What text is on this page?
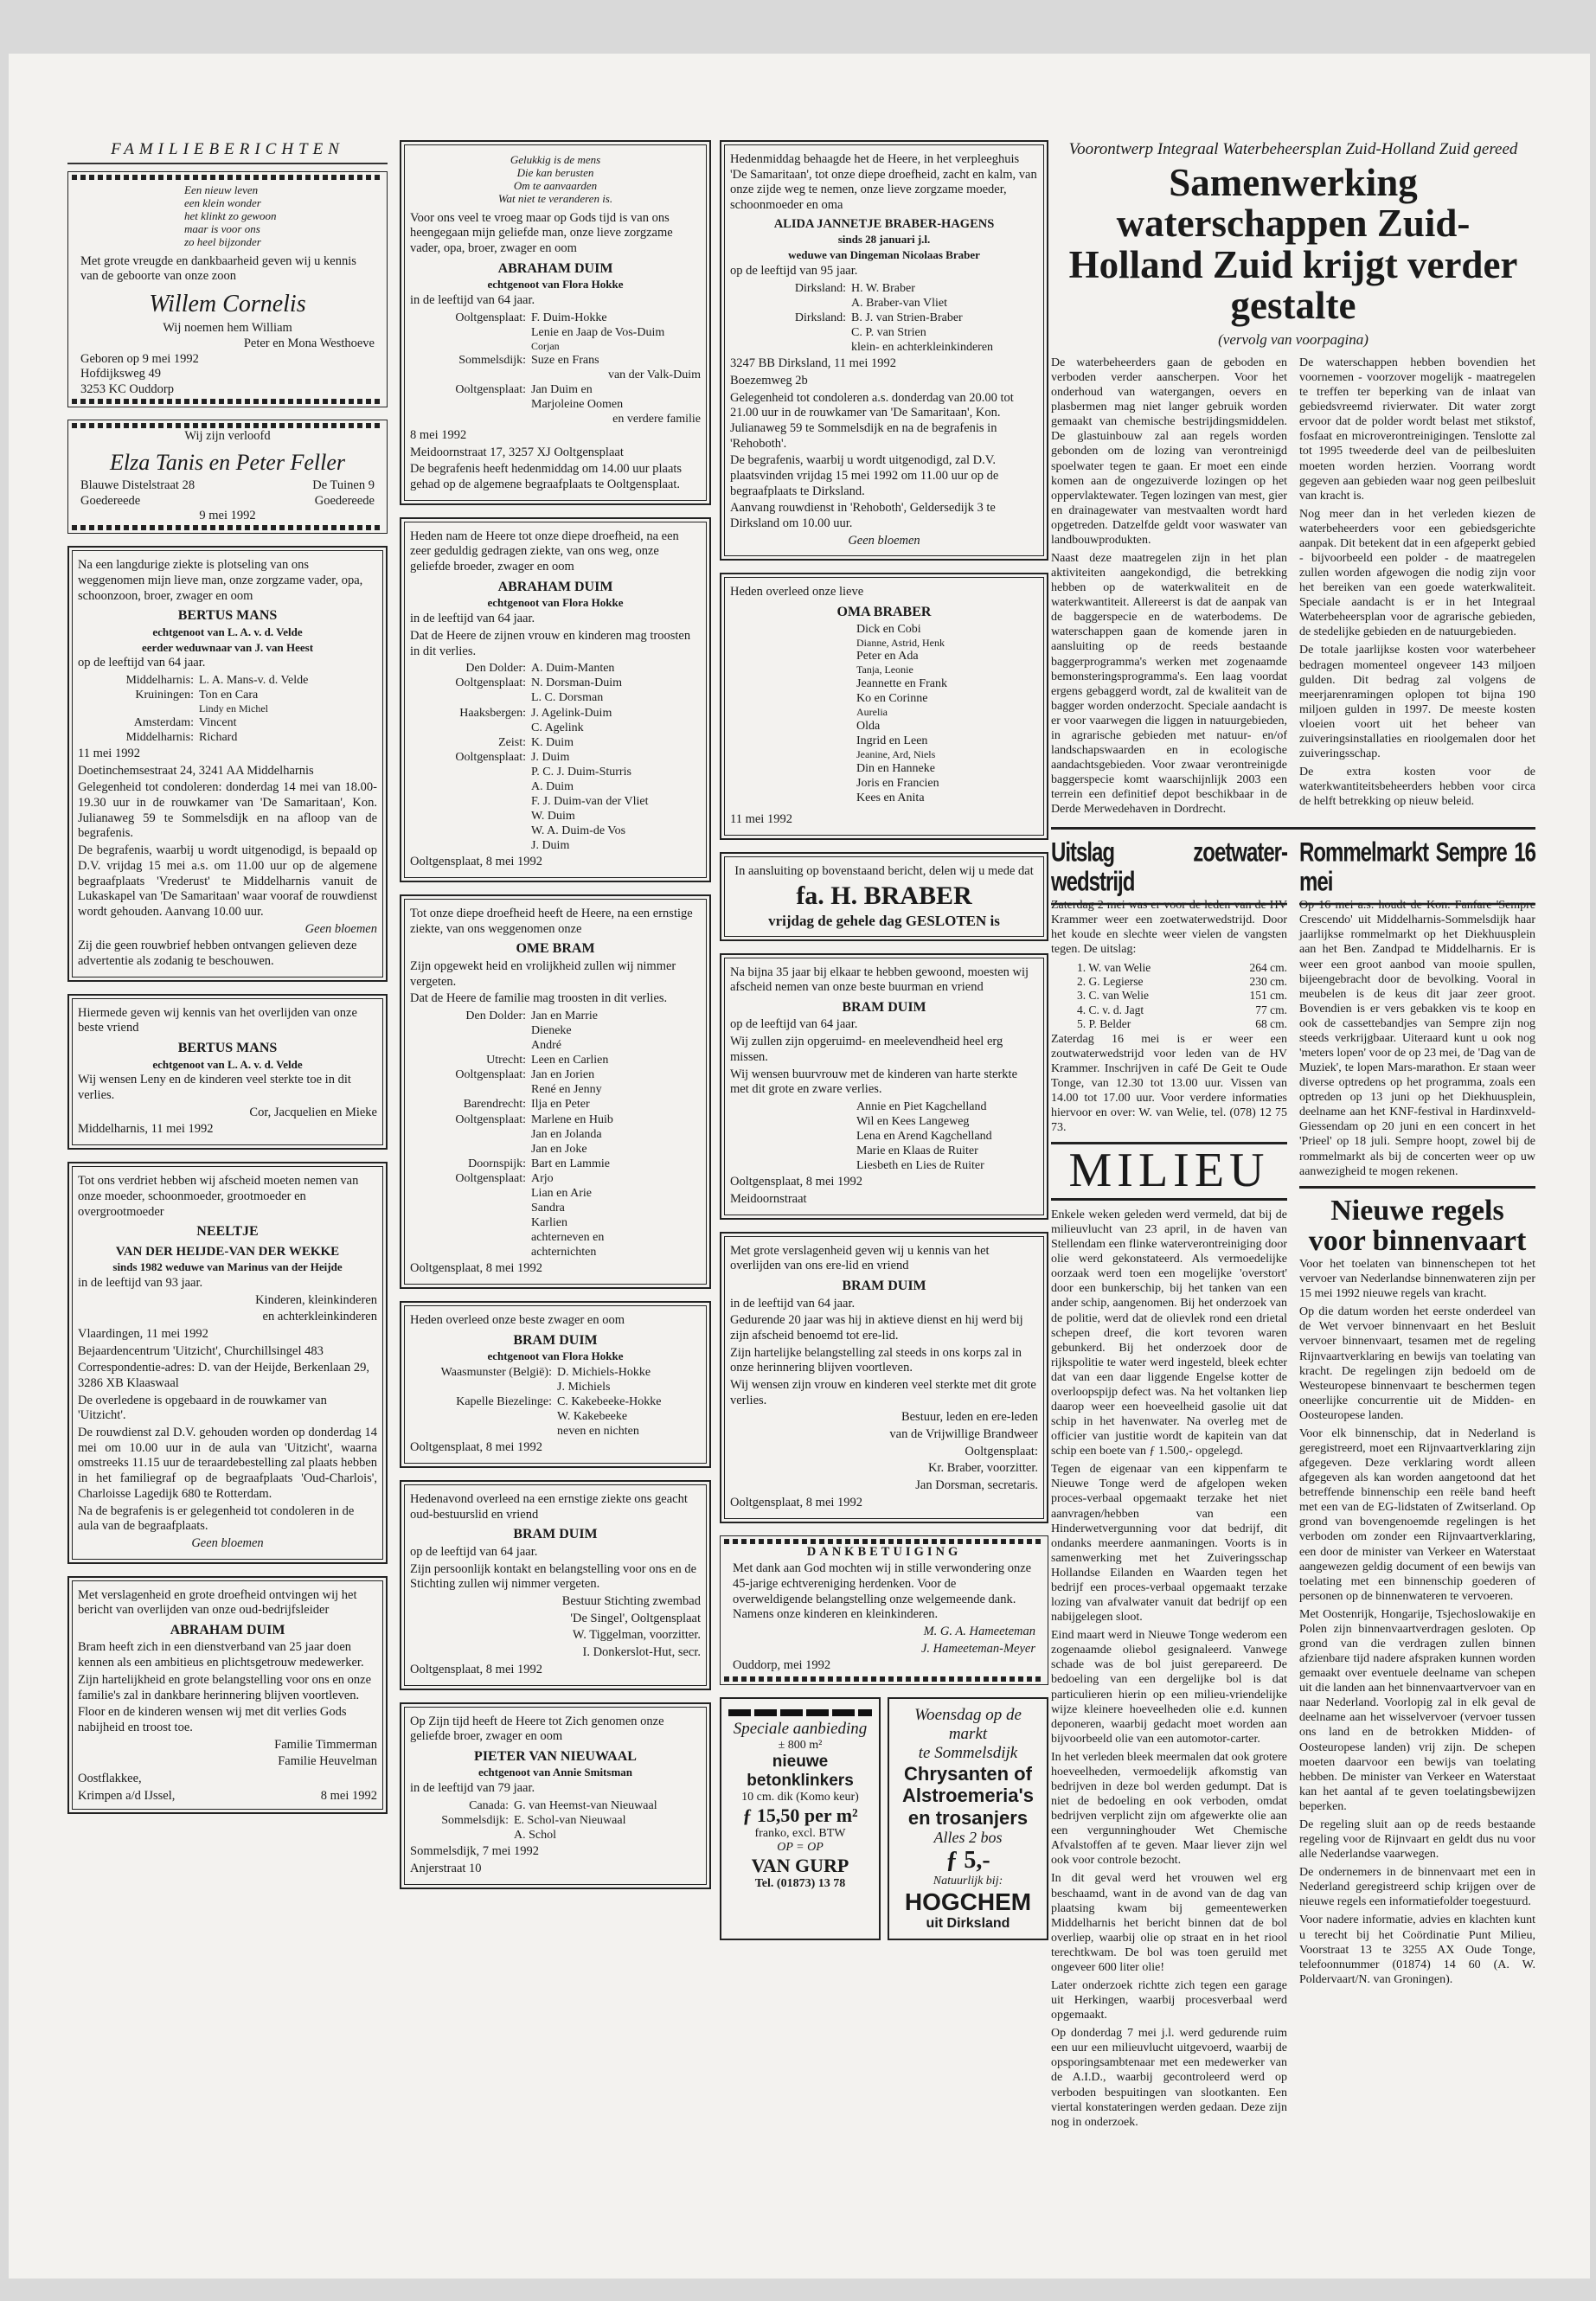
FAMILIEBERICHTEN
Een nieuw leven
een klein wonder
het klinkt zo gewoon
maar is voor ons
zo heel bijzonder
Met grote vreugde en dankbaarheid geven wij u kennis van de geboorte van onze zoon
Willem Cornelis
Wij noemen hem William
Peter en Mona Westhoeve
Geboren op 9 mei 1992
Hofdijksweg 49
3253 KC Ouddorp
Wij zijn verloofd
Elza Tanis en Peter Feller
Blauwe Distelstraat 28	De Tuinen 9
Goedereede	Goedereede
9 mei 1992
Na een langdurige ziekte is plotseling van ons weggenomen mijn lieve man, onze zorgzame vader, opa, schoonzoon, broer, zwager en oom
BERTUS MANS
echtgenoot van L. A. v. d. Velde
eerder weduwnaar van J. van Heest
op de leeftijd van 64 jaar.
Middelharnis: L. A. Mans-v. d. Velde
Kruiningen: Ton en Cara
Lindy en Michel
Amsterdam: Vincent
Middelharnis: Richard
11 mei 1992
Doetinchemsestraat 24, 3241 AA Middelharnis
Gelegenheid tot condoleren: donderdag 14 mei van 18.00-19.30 uur in de rouwkamer van 'De Samaritaan', Kon. Julianaweg 59 te Sommelsdijk en na afloop van de begrafenis.
De begrafenis, waarbij u wordt uitgenodigd, is bepaald op D.V. vrijdag 15 mei a.s. om 11.00 uur op de algemene begraafplaats 'Vrederust' te Middelharnis vanuit de Lukaskapel van 'De Samaritaan' waar vooraf de rouwdienst wordt gehouden. Aanvang 10.00 uur.
Geen bloemen
Zij die geen rouwbrief hebben ontvangen gelieven deze advertentie als zodanig te beschouwen.
Hiermede geven wij kennis van het overlijden van onze beste vriend
BERTUS MANS
echtgenoot van L. A. v. d. Velde
Wij wensen Leny en de kinderen veel sterkte toe in dit verlies.
Cor, Jacquelien en Mieke
Middelharnis, 11 mei 1992
Tot ons verdriet hebben wij afscheid moeten nemen van onze moeder, schoonmoeder, grootmoeder en overgrootmoeder
NEELTJE
VAN DER HEIJDE-VAN DER WEKKE
sinds 1982 weduwe van Marinus van der Heijde
in de leeftijd van 93 jaar.
Kinderen, kleinkinderen
en achterkleinkinderen
Vlaardingen, 11 mei 1992
Bejaardencentrum 'Uitzicht', Churchillsingel 483
Correspondentie-adres: D. van der Heijde, Berkenlaan 29, 3286 XB Klaaswaal
De overledene is opgebaard in de rouwkamer van 'Uitzicht'.
De rouwdienst zal D.V. gehouden worden op donderdag 14 mei om 10.00 uur in de aula van 'Uitzicht', waarna omstreeks 11.15 uur de teraardebestelling zal plaats hebben in het familiegraf op de begraafplaats 'Oud-Charlois', Charloisse Lagedijk 680 te Rotterdam.
Na de begrafenis is er gelegenheid tot condoleren in de aula van de begraafplaats.
Geen bloemen
Met verslagenheid en grote droefheid ontvingen wij het bericht van overlijden van onze oud-bedrijfsleider
ABRAHAM DUIM
Bram heeft zich in een dienstverband van 25 jaar doen kennen als een ambitieus en plichtsgetrouw medewerker.
Zijn hartelijkheid en grote belangstelling voor ons en onze familie's zal in dankbare herinnering blijven voortleven.
Floor en de kinderen wensen wij met dit verlies Gods nabijheid en troost toe.
Familie Timmerman
Familie Heuvelman
Oostflakkee,
Krimpen a/d IJssel,	8 mei 1992
Gelukkig is de mens
Die kan berusten
Om te aanvaarden
Wat niet te veranderen is.
Voor ons veel te vroeg maar op Gods tijd is van ons heengegaan mijn geliefde man, onze lieve zorgzame vader, opa, broer, zwager en oom
ABRAHAM DUIM
echtgenoot van Flora Hokke
in de leeftijd van 64 jaar.
Ooltgensplaat: F. Duim-Hokke
Lenie en Jaap de Vos-Duim
Corjan
Sommelsdijk: Suze en Frans
van der Valk-Duim
Ooltgensplaat: Jan Duim en
Marjoleine Oomen
en verdere familie
8 mei 1992
Meidoornstraat 17, 3257 XJ Ooltgensplaat
De begrafenis heeft hedenmiddag om 14.00 uur plaats gehad op de algemene begraafplaats te Ooltgensplaat.
Heden nam de Heere tot onze diepe droefheid, na een zeer geduldig gedragen ziekte, van ons weg, onze geliefde broeder, zwager en oom
ABRAHAM DUIM
echtgenoot van Flora Hokke
in de leeftijd van 64 jaar.
Dat de Heere de zijnen vrouw en kinderen mag troosten in dit verlies.
Den Dolder: A. Duim-Manten
Ooltgensplaat: N. Dorsman-Duim
L. C. Dorsman
Haaksbergen: J. Agelink-Duim
C. Agelink
Zeist: K. Duim
Ooltgensplaat: J. Duim
P. C. J. Duim-Sturris
A. Duim
F. J. Duim-van der Vliet
W. Duim
W. A. Duim-de Vos
J. Duim
Ooltgensplaat, 8 mei 1992
Tot onze diepe droefheid heeft de Heere, na een ernstige ziekte, van ons weggenomen onze
OME BRAM
Zijn opgewekt heid en vrolijkheid zullen wij nimmer vergeten.
Dat de Heere de familie mag troosten in dit verlies.
Den Dolder: Jan en Marrie
Dieneke
André
Utrecht: Leen en Carlien
Ooltgensplaat: Jan en Jorien
René en Jenny
Barendrecht: Ilja en Peter
Ooltgensplaat: Marlene en Huib
Jan en Jolanda
Jan en Joke
Doornspijk: Bart en Lammie
Ooltgensplaat: Arjo
Lian en Arie
Sandra
Karlien
achterneven en
achternichten
Ooltgensplaat, 8 mei 1992
Heden overleed onze beste zwager en oom
BRAM DUIM
echtgenoot van Flora Hokke
Waasmunster (België): D. Michiels-Hokke
J. Michiels
Kapelle Biezelinge: C. Kakebeeke-Hokke
W. Kakebeeke
neven en nichten
Ooltgensplaat, 8 mei 1992
Hedenavond overleed na een ernstige ziekte ons geacht oud-bestuurslid en vriend
BRAM DUIM
op de leeftijd van 64 jaar.
Zijn persoonlijk kontakt en belangstelling voor ons en de Stichting zullen wij nimmer vergeten.
Bestuur Stichting zwembad
'De Singel', Ooltgensplaat
W. Tiggelman, voorzitter.
I. Donkerslot-Hut, secr.
Ooltgensplaat, 8 mei 1992
Op Zijn tijd heeft de Heere tot Zich genomen onze geliefde broer, zwager en oom
PIETER VAN NIEUWAAL
echtgenoot van Annie Smitsman
in de leeftijd van 79 jaar.
Canada: G. van Heemst-van Nieuwaal
Sommelsdijk: E. Schol-van Nieuwaal
A. Schol
Sommelsdijk, 7 mei 1992
Anjerstraat 10
Hedenmiddag behaagde het de Heere, in het verpleeghuis 'De Samaritaan', tot onze diepe droefheid, zacht en kalm, van onze zijde weg te nemen, onze lieve zorgzame moeder, schoonmoeder en oma
ALIDA JANNETJE BRABER-HAGENS
sinds 28 januari j.l.
weduwe van Dingeman Nicolaas Braber
op de leeftijd van 95 jaar.
Dirksland: H. W. Braber
A. Braber-van Vliet
Dirksland: B. J. van Strien-Braber
C. P. van Strien
klein- en achterkleinkinderen
3247 BB Dirksland, 11 mei 1992
Boezemweg 2b
Gelegenheid tot condoleren a.s. donderdag van 20.00 tot 21.00 uur in de rouwkamer van 'De Samaritaan', Kon. Julianaweg 59 te Sommelsdijk en na de begrafenis in 'Rehoboth'.
De begrafenis, waarbij u wordt uitgenodigd, zal D.V. plaatsvinden vrijdag 15 mei 1992 om 11.00 uur op de begraafplaats te Dirksland.
Aanvang rouwdienst in 'Rehoboth', Geldersedijk 3 te Dirksland om 10.00 uur.
Geen bloemen
Heden overleed onze lieve
OMA BRABER
Dick en Cobi
Dianne, Astrid, Henk
Peter en Ada
Tanja, Leonie
Jeannette en Frank
Ko en Corinne
Aurelia
Olda
Ingrid en Leen
Jeanine, Ard, Niels
Din en Hanneke
Joris en Francien
Kees en Anita
11 mei 1992
In aansluiting op bovenstaand bericht, delen wij u mede dat
fa. H. BRABER
vrijdag de gehele dag GESLOTEN is
Na bijna 35 jaar bij elkaar te hebben gewoond, moesten wij afscheid nemen van onze beste buurman en vriend
BRAM DUIM
op de leeftijd van 64 jaar.
Wij zullen zijn opgeruimd- en meelevendheid heel erg missen.
Wij wensen buurvrouw met de kinderen van harte sterkte met dit grote en zware verlies.
Annie en Piet Kagchelland
Wil en Kees Langeweg
Lena en Arend Kagchelland
Marie en Klaas de Ruiter
Liesbeth en Lies de Ruiter
Ooltgensplaat, 8 mei 1992
Meidoornstraat
Met grote verslagenheid geven wij u kennis van het overlijden van ons ere-lid en vriend
BRAM DUIM
in de leeftijd van 64 jaar.
Gedurende 20 jaar was hij in aktieve dienst en hij werd bij zijn afscheid benoemd tot ere-lid.
Zijn hartelijke belangstelling zal steeds in ons korps zal in onze herinnering blijven voortleven.
Wij wensen zijn vrouw en kinderen veel sterkte met dit grote verlies.
Bestuur, leden en ere-leden
van de Vrijwillige Brandweer
Ooltgensplaat:
Kr. Braber, voorzitter.
Jan Dorsman, secretaris.
Ooltgensplaat, 8 mei 1992
DANKBETUIGING
Met dank aan God mochten wij in stille verwondering onze 45-jarige echtvereniging herdenken. Voor de overweldigende belangstelling onze welgemeende dank. Namens onze kinderen en kleinkinderen.
M. G. A. Hameeteman
J. Hameeteman-Meyer
Ouddorp, mei 1992
Speciale aanbieding
± 800 m²
nieuwe betonklinkers
10 cm. dik (Komo keur)
ƒ 15,50 per m²
franko, excl. BTW
OP = OP
VAN GURP
Tel. (01873) 13 78
Woensdag op de markt
te Sommelsdijk
Chrysanten of
Alstroemeria's
en trosanjers
Alles 2 bos
ƒ 5,-
Natuurlijk bij:
HOGCHEM
uit Dirksland
Voorontwerp Integraal Waterbeheersplan Zuid-Holland Zuid gereed
Samenwerking waterschappen Zuid-Holland Zuid krijgt verder gestalte
(vervolg van voorpagina)

De waterbeheerders gaan de geboden en verboden verder aanscherpen. Voor het onderhoud van watergangen, oevers en plasbermen mag niet langer gebruik worden gemaakt van chemische bestrijdingsmiddelen. De glastuinbouw zal aan regels worden gebonden om de lozing van verontreinigd spoelwater tegen te gaan. Er moet een einde komen aan de ongezuiverde lozingen op het oppervlaktewater. Tegen lozingen van mest, gier en drainagewater van mestvaalten wordt hard opgetreden. Datzelfde geldt voor waswater van landbouwprodukten.

Naast deze maatregelen zijn in het plan aktiviteiten aangekondigd, die betrekking hebben op de waterkwaliteit en de waterkwantiteit. Allereerst is dat de aanpak van de baggerspecie en de waterbodems. De waterschappen gaan de komende jaren in aansluiting op de reeds bestaande baggerprogramma's werken met zogenaamde bemonsteringsprogramma's. Een laag voordat ergens gebaggerd wordt, zal de kwaliteit van de bagger worden onderzocht. Speciale aandacht is er voor vaarwegen die liggen in natuurgebieden, in agrarische gebieden met natuur- en/of landschapswaarden en in ecologische aandachtsgebieden. Voor zwaar verontreinigde baggerspecie komt waarschijnlijk 2003 een terrein een definitief depot beschikbaar in de Derde Merwedehaven in Dordrecht.

De waterschappen hebben bovendien het voornemen - voorzover mogelijk - maatregelen te treffen ter beperking van de inlaat van gebiedsvreemd rivierwater. Dit water zorgt ervoor dat de polder wordt belast met stikstof, fosfaat en microverontreinigingen. Tenslotte zal tot 1995 tweederde deel van de peilbesluiten moeten worden herzien. Voorrang wordt gegeven aan gebieden waar nog geen peilbesluit van kracht is.

Nog meer dan in het verleden kiezen de waterbeheerders voor een gebiedsgerichte aanpak. Dit betekent dat in een afgeperkt gebied - bijvoorbeeld een polder - de maatregelen zullen worden afgewogen die nodig zijn voor het bereiken van een goede waterkwaliteit. Speciale aandacht is er in het Integraal Waterbeheersplan voor de agrarische gebieden, de stedelijke gebieden en de natuurgebieden.

De totale jaarlijkse kosten voor waterbeheer bedragen momenteel ongeveer 143 miljoen gulden. Dit bedrag zal volgens de meerjarenramingen oplopen tot bijna 190 miljoen gulden in 1997. De meeste kosten vloeien voort uit het beheer van zuiveringsinstallaties en rioolgemalen door het zuiveringsschap.

De extra kosten voor de waterkwantiteitsbeheerders hebben voor circa de helft betrekking op nieuw beleid.

Uitslag zoetwater-wedstrijd

Zaterdag 2 mei was er voor de leden van de HV Krammer weer een zoetwaterwedstrijd. Door het koude en slechte weer vielen de vangsten tegen. De uitslag:

1. W. van Welie	264 cm.
2. G. Legierse	230 cm.
3. C. van Welie	151 cm.
4. C. v. d. Jagt	77 cm.
5. P. Belder	68 cm.

Zaterdag 16 mei is er weer een zoutwaterwedstrijd voor leden van de HV Krammer. Inschrijven in café De Geit te Oude Tonge, van 12.30 tot 13.00 uur. Vissen van 14.00 tot 17.00 uur. Voor verdere informaties hiervoor en over: W. van Welie, tel. (078) 12 75 73.

MILIEU

Enkele weken geleden werd vermeld, dat bij de milieuvlucht van 23 april, in de haven van Stellendam een flinke waterverontreiniging door olie werd gekonstateerd. Als vermoedelijke oorzaak werd toen een mogelijke 'overstort' door een bunkerschip, bij het tanken van een ander schip, aangenomen. Bij het onderzoek van de politie, werd dat de olievlek rond een drietal schepen dreef, die kort tevoren waren gebunkerd. Bij het onderzoek door de rijkspolitie te water werd ingesteld, bleek echter dat van een daar liggende Engelse kotter de overloopspijp defect was. Na het voltanken liep daarop weer een hoeveelheid gasolie uit dat schip in het havenwater. Na overleg met de officier van justitie wordt de kapitein van dat schip een boete van ƒ 1.500,- opgelegd.

Tegen de eigenaar van een kippenfarm te Nieuwe Tonge werd de afgelopen weken proces-verbaal opgemaakt terzake het niet aanvragen/hebben van een Hinderwetvergunning voor dat bedrijf, dit ondanks meerdere aanmaningen. Voorts is in samenwerking met het Zuiveringsschap Hollandse Eilanden en Waarden tegen het bedrijf een proces-verbaal opgemaakt terzake lozing van afvalwater vanuit dat bedrijf op een nabijgelegen sloot.

Eind maart werd in Nieuwe Tonge wederom een zogenaamde oliebol gesignaleerd. Vanwege schade was de bol juist gerepareerd. De bedoeling van een dergelijke bol is dat particulieren hierin op een milieu-vriendelijke wijze kleinere hoeveelheden olie e.d. kunnen deponeren, waarbij gedacht moet worden aan bijvoorbeeld olie van een automotor-carter.

In het verleden bleek meermalen dat ook grotere hoeveelheden, vermoedelijk afkomstig van bedrijven in deze bol werden gedumpt. Dat is niet de bedoeling en ook verboden, omdat bedrijven verplicht zijn om afgewerkte olie aan een vergunninghouder Wet Chemische Afvalstoffen af te geven. Maar liever zijn wel ook voor controle bezocht.

In dit geval werd het vrouwen wel erg beschaamd, want in de avond van de dag van plaatsing kwam bij gemeentewerken Middelharnis het bericht binnen dat de bol overliep, waarbij olie op straat en in het riool terechtkwam. De bol was toen geruild met ongeveer 600 liter olie!

Later onderzoek richtte zich tegen een garage uit Herkingen, waarbij procesverbaal werd opgemaakt.

Op donderdag 7 mei j.l. werd gedurende ruim een uur een milieuvlucht uitgevoerd, waarbij de opsporingsambtenaar met een medewerker van de A.I.D., waarbij gecontroleerd werd op verboden bespuitingen van slootkanten. Een viertal konstateringen werden gedaan. Deze zijn nog in onderzoek.

Rommelmarkt Sempre 16 mei

Op 16 mei a.s. houdt de Kon. Fanfare 'Sempre Crescendo' uit Middelharnis-Sommelsdijk haar jaarlijkse rommelmarkt op het Diekhuusplein aan het Ben. Zandpad te Middelharnis. Er is weer een groot aanbod van mooie spullen, bijeengebracht door de bevolking. Vooral in meubelen is de keus dit jaar zeer groot. Bovendien is er vers gebakken vis te koop en ook de cassettebandjes van Sempre zijn nog steeds verkrijgbaar. Uiteraard kunt u ook nog 'meters lopen' voor de op 23 mei, de 'Dag van de Muziek', te lopen Mars-marathon. Er staan weer diverse optredens op het programma, zoals een optreden op 13 juni op het Diekhuusplein, deelname aan het KNF-festival in Hardinxveld-Giessendam op 20 juni en een concert in het 'Prieel' op 18 juli. Sempre hoopt, zowel bij de rommelmarkt als bij de concerten weer op uw aanwezigheid te mogen rekenen.

Nieuwe regels voor binnenvaart

Voor het toelaten van binnenschepen tot het vervoer van Nederlandse binnenwateren zijn per 15 mei 1992 nieuwe regels van kracht.

Op die datum worden het eerste onderdeel van de Wet vervoer binnenvaart en het Besluit vervoer binnenvaart, tesamen met de regeling Rijnvaartverklaring en bewijs van toelating van kracht. De regelingen zijn bedoeld om de Westeuropese binnenvaart te beschermen tegen oneerlijke concurrentie uit de Midden- en Oosteuropese landen.

Voor elk binnenschip, dat in Nederland is geregistreerd, moet een Rijnvaartverklaring zijn afgegeven. Deze verklaring wordt alleen afgegeven als kan worden aangetoond dat het betreffende binnenschip een reële band heeft met een van de EG-lidstaten of Zwitserland. Op grond van bovengenoemde regelingen is het verboden om zonder een Rijnvaartverklaring, een door de minister van Verkeer en Waterstaat aangewezen geldig document of een bewijs van toelating met een binnenschip goederen of personen op de binnenwateren te vervoeren.

Met Oostenrijk, Hongarije, Tsjechoslowakije en Polen zijn binnenvaartverdragen gesloten. Op grond van die verdragen zullen binnen afzienbare tijd nadere afspraken kunnen worden gemaakt over eventuele deelname van schepen uit die landen aan het binnenvaartvervoer van en naar Nederland. Voorlopig zal in elk geval de deelname aan het wisselvervoer (vervoer tussen ons land en de betrokken Midden- of Oosteuropese landen) vrij zijn. De schepen moeten daarvoor een bewijs van toelating hebben. De minister van Verkeer en Waterstaat kan het aantal af te geven toelatingsbewijzen beperken.

De regeling sluit aan op de reeds bestaande regeling voor de Rijnvaart en geldt dus nu voor alle Nederlandse vaarwegen.

De ondernemers in de binnenvaart met een in Nederland geregistreerd schip krijgen over de nieuwe regels een informatiefolder toegestuurd.

Voor nadere informatie, advies en klachten kunt u terecht bij het Coördinatie Punt Milieu, Voorstraat 13 te 3255 AX Oude Tonge, telefoonnummer (01874) 14 60 (A. W. Poldervaart/N. van Groningen).
